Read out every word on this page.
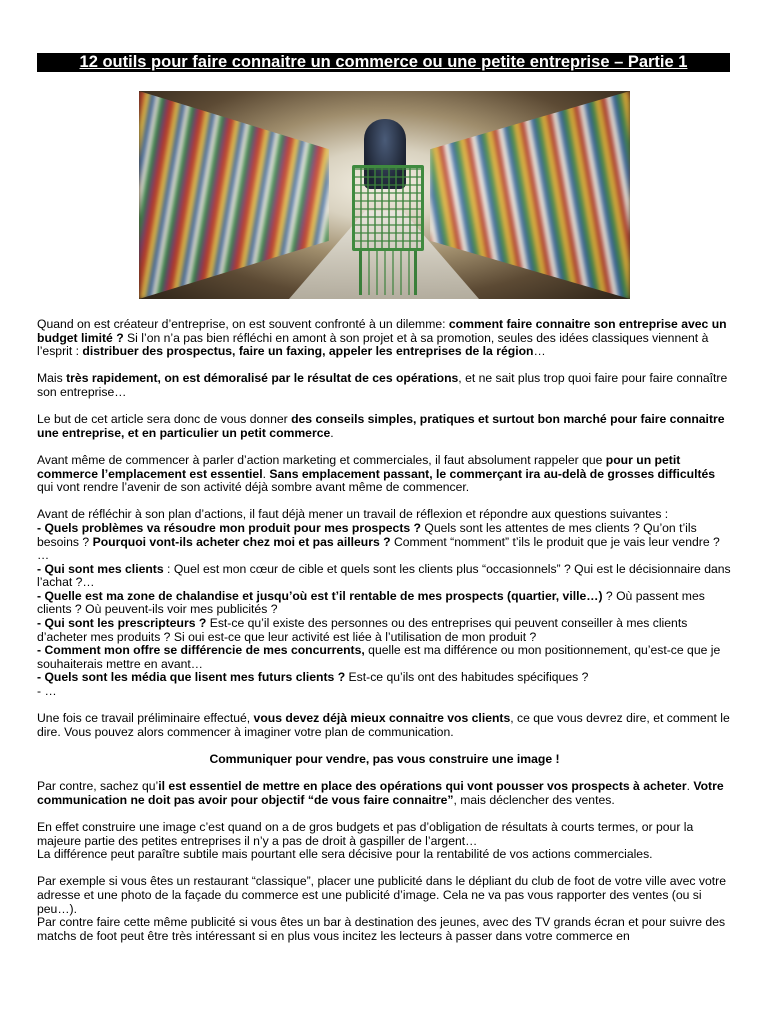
12 outils pour faire connaitre un commerce ou une petite entreprise – Partie 1

Quand on est créateur d’entreprise, on est souvent confronté à un dilemme: comment faire connaitre son entreprise avec un budget limité ? Si l’on n’a pas bien réfléchi en amont à son projet et à sa promotion, seules des idées classiques viennent à l’esprit : distribuer des prospectus, faire un faxing, appeler les entreprises de la région…

Mais très rapidement, on est démoralisé par le résultat de ces opérations, et ne sait plus trop quoi faire pour faire connaître son entreprise…

Le but de cet article sera donc de vous donner des conseils simples, pratiques et surtout bon marché pour faire connaitre une entreprise, et en particulier un petit commerce.

Avant même de commencer à parler d’action marketing et commerciales, il faut absolument rappeler que pour un petit commerce l’emplacement est essentiel. Sans emplacement passant, le commerçant ira au-delà de grosses difficultés qui vont rendre l’avenir de son activité déjà sombre avant même de commencer.

Avant de réfléchir à son plan d’actions, il faut déjà mener un travail de réflexion et répondre aux questions suivantes :
- Quels problèmes va résoudre mon produit pour mes prospects ? Quels sont les attentes de mes clients ? Qu’on t’ils besoins ? Pourquoi vont-ils acheter chez moi et pas ailleurs ? Comment “nomment” t’ils le produit que je vais leur vendre ? …
- Qui sont mes clients : Quel est mon cœur de cible et quels sont les clients plus “occasionnels” ? Qui est le décisionnaire dans l’achat ?…
- Quelle est ma zone de chalandise et jusqu’où est t’il rentable de mes prospects (quartier, ville…) ? Où passent mes clients ? Où peuvent-ils voir mes publicités ?
- Qui sont les prescripteurs ? Est-ce qu’il existe des personnes ou des entreprises qui peuvent conseiller à mes clients d’acheter mes produits ? Si oui est-ce que leur activité est liée à l’utilisation de mon produit ?
- Comment mon offre se différencie de mes concurrents, quelle est ma différence ou mon positionnement, qu’est-ce que je souhaiterais mettre en avant…
- Quels sont les média que lisent mes futurs clients ? Est-ce qu’ils ont des habitudes spécifiques ?
- …

Une fois ce travail préliminaire effectué, vous devez déjà mieux connaitre vos clients, ce que vous devrez dire, et comment le dire. Vous pouvez alors commencer à imaginer votre plan de communication.

Communiquer pour vendre, pas vous construire une image !

Par contre, sachez qu’il est essentiel de mettre en place des opérations qui vont pousser vos prospects à acheter. Votre communication ne doit pas avoir pour objectif “de vous faire connaitre”, mais déclencher des ventes.

En effet construire une image c’est quand on a de gros budgets et pas d’obligation de résultats à courts termes, or pour la majeure partie des petites entreprises il n’y a pas de droit à gaspiller de l’argent…
La différence peut paraître subtile mais pourtant elle sera décisive pour la rentabilité de vos actions commerciales.

Par exemple si vous êtes un restaurant “classique”, placer une publicité dans le dépliant du club de foot de votre ville avec votre adresse et une photo de la façade du commerce est une publicité d’image. Cela ne va pas vous rapporter des ventes (ou si peu…).
Par contre faire cette même publicité si vous êtes un bar à destination des jeunes, avec des TV grands écran et pour suivre des matchs de foot peut être très intéressant si en plus vous incitez les lecteurs à passer dans votre commerce en
